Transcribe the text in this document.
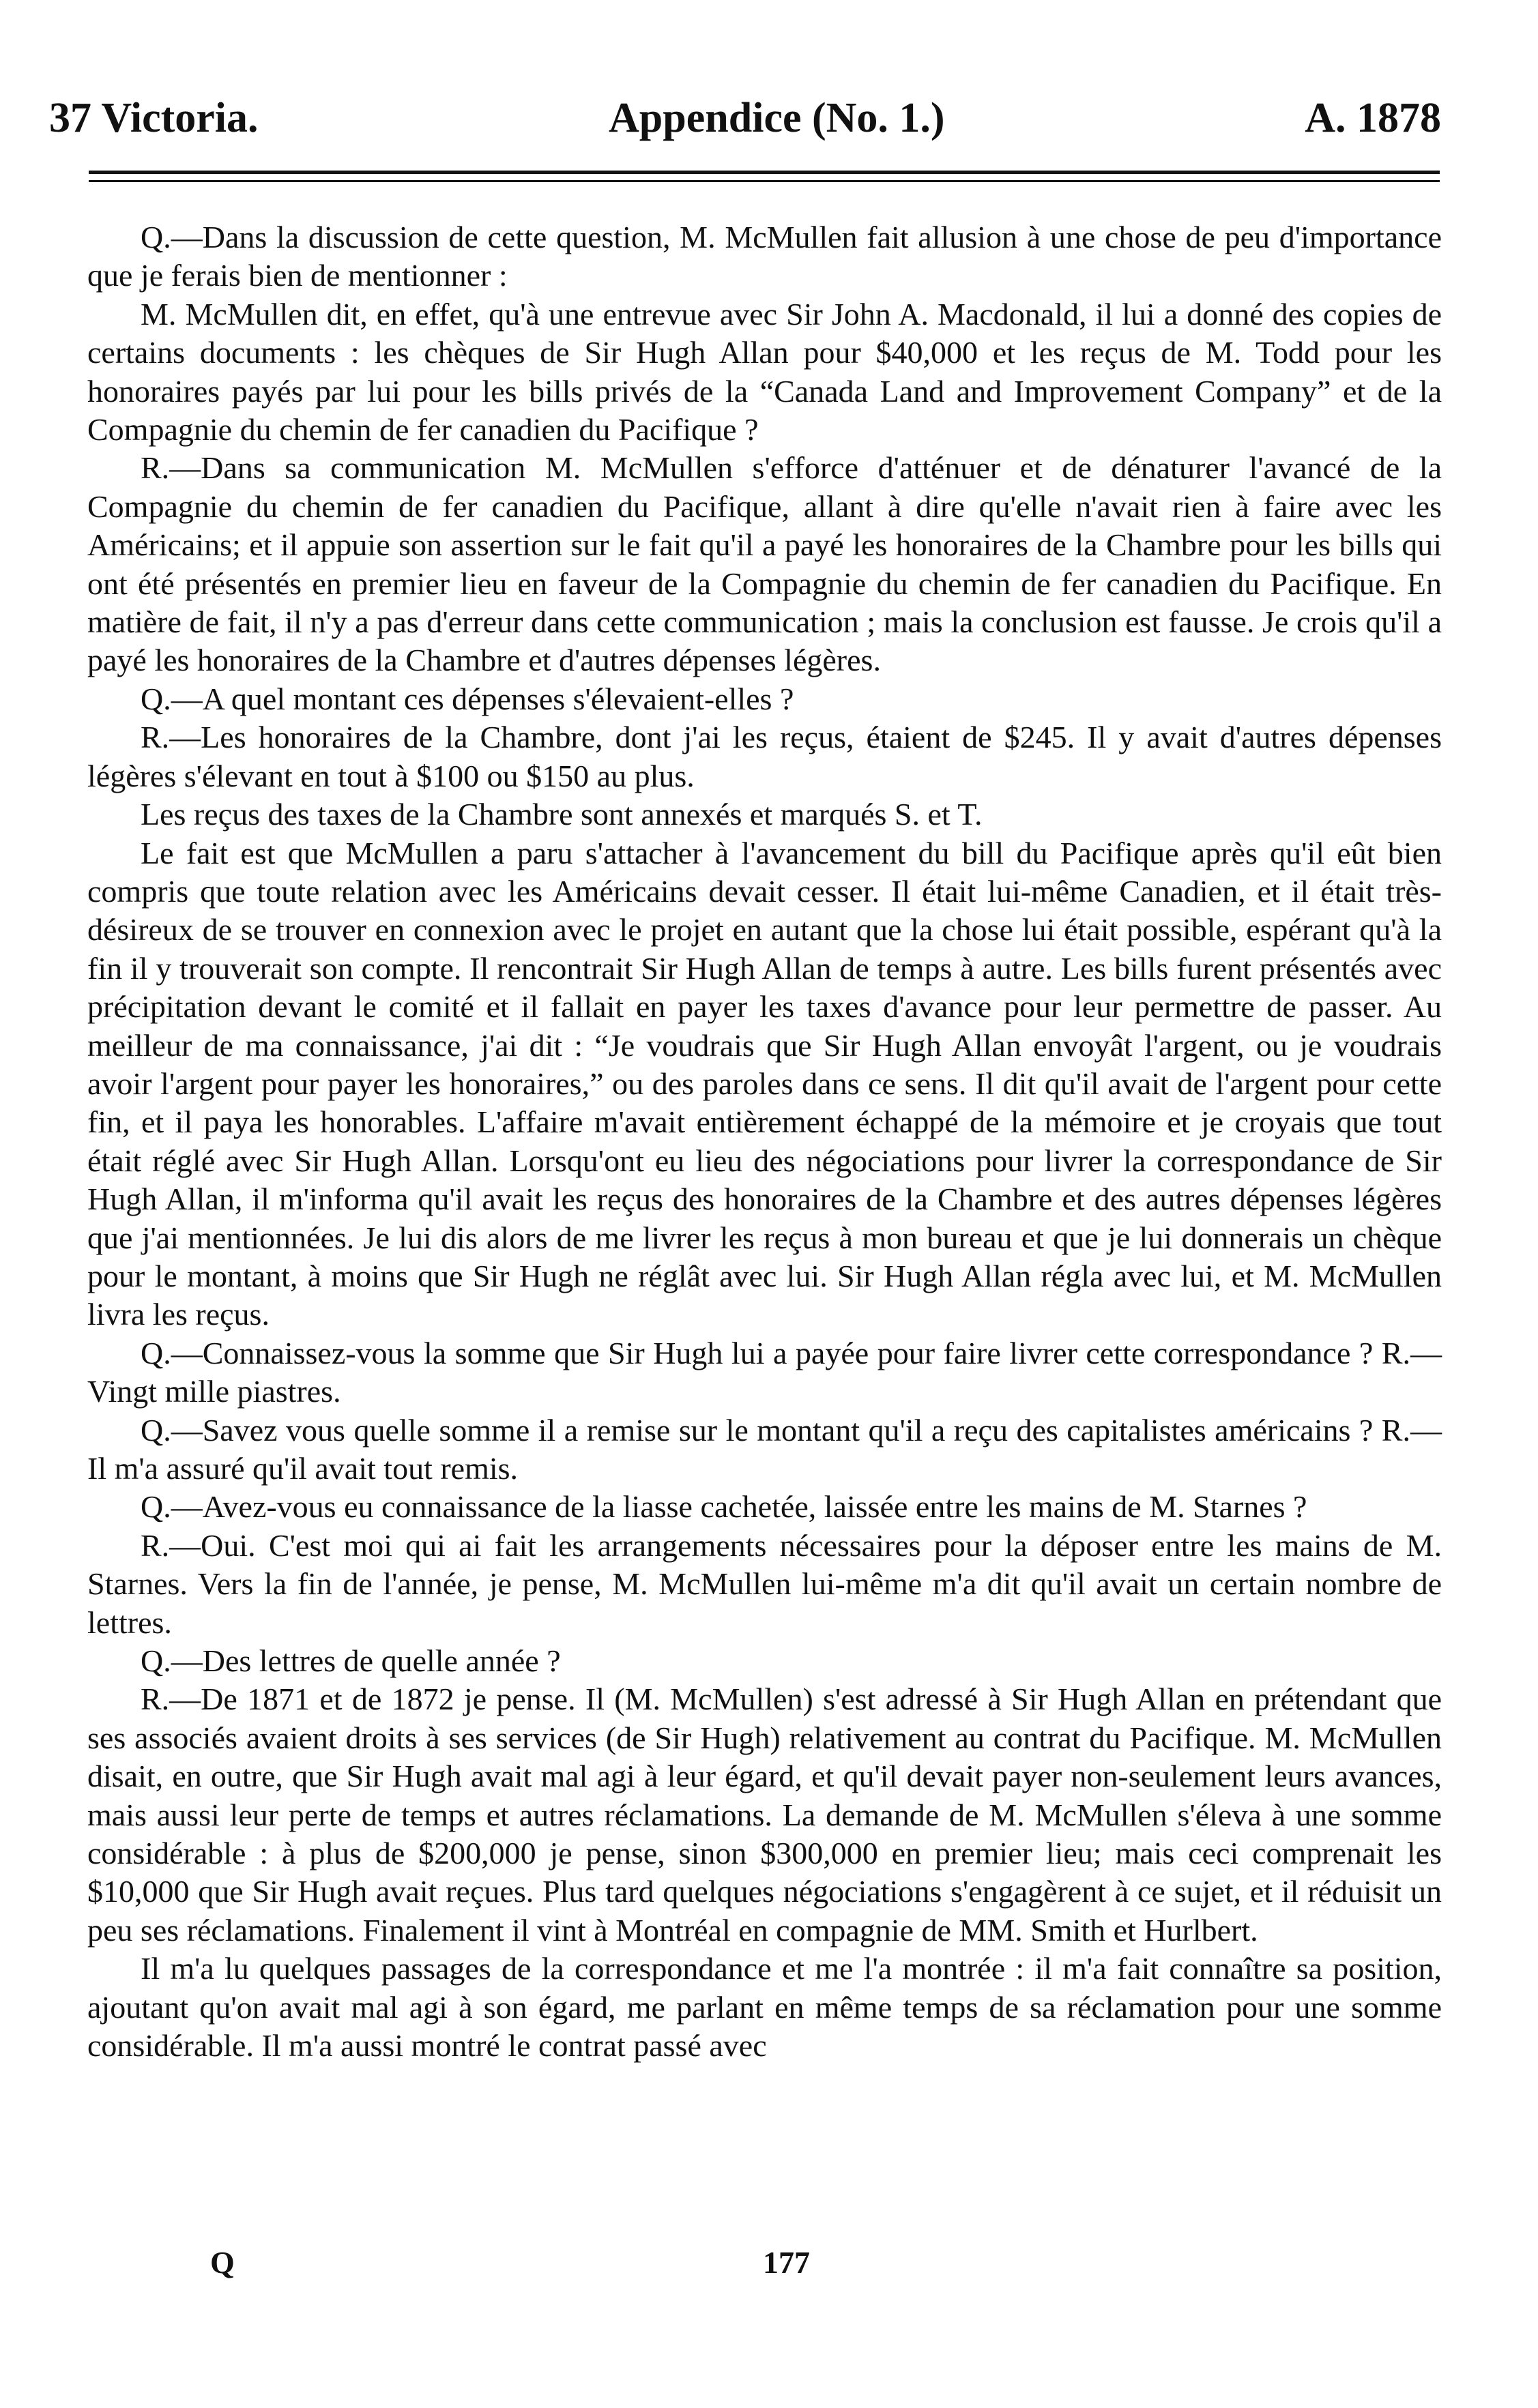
37 Victoria.	Appendice (No. 1.)	A. 1878

Q.—Dans la discussion de cette question, M. McMullen fait allusion à une chose de peu d'importance que je ferais bien de mentionner :

M. McMullen dit, en effet, qu'à une entrevue avec Sir John A. Macdonald, il lui a donné des copies de certains documents : les chèques de Sir Hugh Allan pour $40,000 et les reçus de M. Todd pour les honoraires payés par lui pour les bills privés de la “Canada Land and Improvement Company” et de la Compagnie du chemin de fer canadien du Pacifique ?

R.—Dans sa communication M. McMullen s'efforce d'atténuer et de dénaturer l'avancé de la Compagnie du chemin de fer canadien du Pacifique, allant à dire qu'elle n'avait rien à faire avec les Américains; et il appuie son assertion sur le fait qu'il a payé les honoraires de la Chambre pour les bills qui ont été présentés en premier lieu en faveur de la Compagnie du chemin de fer canadien du Pacifique. En matière de fait, il n'y a pas d'erreur dans cette communication ; mais la conclusion est fausse. Je crois qu'il a payé les honoraires de la Chambre et d'autres dépenses légères.

Q.—A quel montant ces dépenses s'élevaient-elles ?

R.—Les honoraires de la Chambre, dont j'ai les reçus, étaient de $245. Il y avait d'autres dépenses légères s'élevant en tout à $100 ou $150 au plus.

Les reçus des taxes de la Chambre sont annexés et marqués S. et T.

Le fait est que McMullen a paru s'attacher à l'avancement du bill du Pacifique après qu'il eût bien compris que toute relation avec les Américains devait cesser. Il était lui-même Canadien, et il était très-désireux de se trouver en connexion avec le projet en autant que la chose lui était possible, espérant qu'à la fin il y trouverait son compte. Il rencontrait Sir Hugh Allan de temps à autre. Les bills furent présentés avec précipitation devant le comité et il fallait en payer les taxes d'avance pour leur permettre de passer. Au meilleur de ma connaissance, j'ai dit : “Je voudrais que Sir Hugh Allan envoyât l'argent, ou je voudrais avoir l'argent pour payer les honoraires,” ou des paroles dans ce sens. Il dit qu'il avait de l'argent pour cette fin, et il paya les honorables. L'affaire m'avait entièrement échappé de la mémoire et je croyais que tout était réglé avec Sir Hugh Allan. Lorsqu'ont eu lieu des négociations pour livrer la correspondance de Sir Hugh Allan, il m'informa qu'il avait les reçus des honoraires de la Chambre et des autres dépenses légères que j'ai mentionnées. Je lui dis alors de me livrer les reçus à mon bureau et que je lui donnerais un chèque pour le montant, à moins que Sir Hugh ne réglât avec lui. Sir Hugh Allan régla avec lui, et M. McMullen livra les reçus.

Q.—Connaissez-vous la somme que Sir Hugh lui a payée pour faire livrer cette correspondance ? R.—Vingt mille piastres.

Q.—Savez vous quelle somme il a remise sur le montant qu'il a reçu des capitalistes américains ? R.—Il m'a assuré qu'il avait tout remis.

Q.—Avez-vous eu connaissance de la liasse cachetée, laissée entre les mains de M. Starnes ?

R.—Oui. C'est moi qui ai fait les arrangements nécessaires pour la déposer entre les mains de M. Starnes. Vers la fin de l'année, je pense, M. McMullen lui-même m'a dit qu'il avait un certain nombre de lettres.

Q.—Des lettres de quelle année ?

R.—De 1871 et de 1872 je pense. Il (M. McMullen) s'est adressé à Sir Hugh Allan en prétendant que ses associés avaient droits à ses services (de Sir Hugh) relativement au contrat du Pacifique. M. McMullen disait, en outre, que Sir Hugh avait mal agi à leur égard, et qu'il devait payer non-seulement leurs avances, mais aussi leur perte de temps et autres réclamations. La demande de M. McMullen s'éleva à une somme considérable : à plus de $200,000 je pense, sinon $300,000 en premier lieu; mais ceci comprenait les $10,000 que Sir Hugh avait reçues. Plus tard quelques négociations s'engagèrent à ce sujet, et il réduisit un peu ses réclamations. Finalement il vint à Montréal en compagnie de MM. Smith et Hurlbert.

Il m'a lu quelques passages de la correspondance et me l'a montrée : il m'a fait connaître sa position, ajoutant qu'on avait mal agi à son égard, me parlant en même temps de sa réclamation pour une somme considérable. Il m'a aussi montré le contrat passé avec

Q	177
